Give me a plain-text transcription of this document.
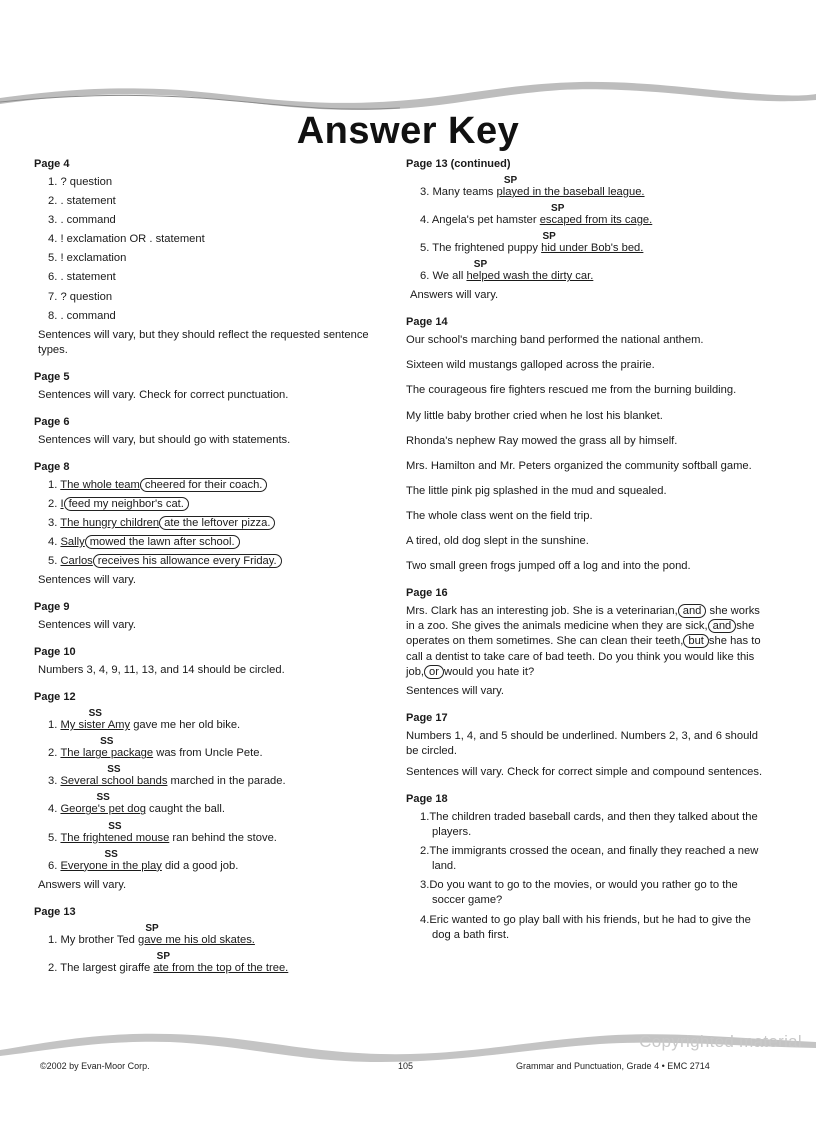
Answer Key
Page 4
1. ? question
2. . statement
3. . command
4. ! exclamation OR . statement
5. ! exclamation
6. . statement
7. ? question
8. . command
Sentences will vary, but they should reflect the requested sentence types.
Page 5
Sentences will vary. Check for correct punctuation.
Page 6
Sentences will vary, but should go with statements.
Page 8
1. The whole team cheered for their coach.
2. I feed my neighbor's cat.
3. The hungry children ate the leftover pizza.
4. Sally mowed the lawn after school.
5. Carlos receives his allowance every Friday.
Sentences will vary.
Page 9
Sentences will vary.
Page 10
Numbers 3, 4, 9, 11, 13, and 14 should be circled.
Page 12
1.
SS
My sister Amy gave me her old bike.
2.
SS
The large package was from Uncle Pete.
3.
SS
Several school bands marched in the parade.
4.
SS
George's pet dog caught the ball.
5.
SS
The frightened mouse ran behind the stove.
6.
SS
Everyone in the play did a good job.
Answers will vary.
Page 13
1. My brother Ted
SP
gave me his old skates.
2. The largest giraffe
SP
ate from the top of the tree.
Page 13 (continued)
3. Many teams
SP
played in the baseball league.
4. Angela's pet hamster
SP
escaped from its cage.
5. The frightened puppy
SP
hid under Bob's bed.
6. We all
SP
helped wash the dirty car.
Answers will vary.
Page 14
Our school's marching band performed the national anthem.
Sixteen wild mustangs galloped across the prairie.
The courageous fire fighters rescued me from the burning building.
My little baby brother cried when he lost his blanket.
Rhonda's nephew Ray mowed the grass all by himself.
Mrs. Hamilton and Mr. Peters organized the community softball game.
The little pink pig splashed in the mud and squealed.
The whole class went on the field trip.
A tired, old dog slept in the sunshine.
Two small green frogs jumped off a log and into the pond.
Page 16
Mrs. Clark has an interesting job. She is a veterinarian, and she works in a zoo. She gives the animals medicine when they are sick, and she operates on them sometimes. She can clean their teeth, but she has to call a dentist to take care of bad teeth. Do you think you would like this job, or would you hate it?
Sentences will vary.
Page 17
Numbers 1, 4, and 5 should be underlined. Numbers 2, 3, and 6 should be circled.
Sentences will vary. Check for correct simple and compound sentences.
Page 18
1.The children traded baseball cards, and then they talked about the players.
2.The immigrants crossed the ocean, and finally they reached a new land.
3.Do you want to go to the movies, or would you rather go to the soccer game?
4.Eric wanted to go play ball with his friends, but he had to give the dog a bath first.
Copyrighted material
©2002 by Evan-Moor Corp.	105	Grammar and Punctuation, Grade 4 • EMC 2714
